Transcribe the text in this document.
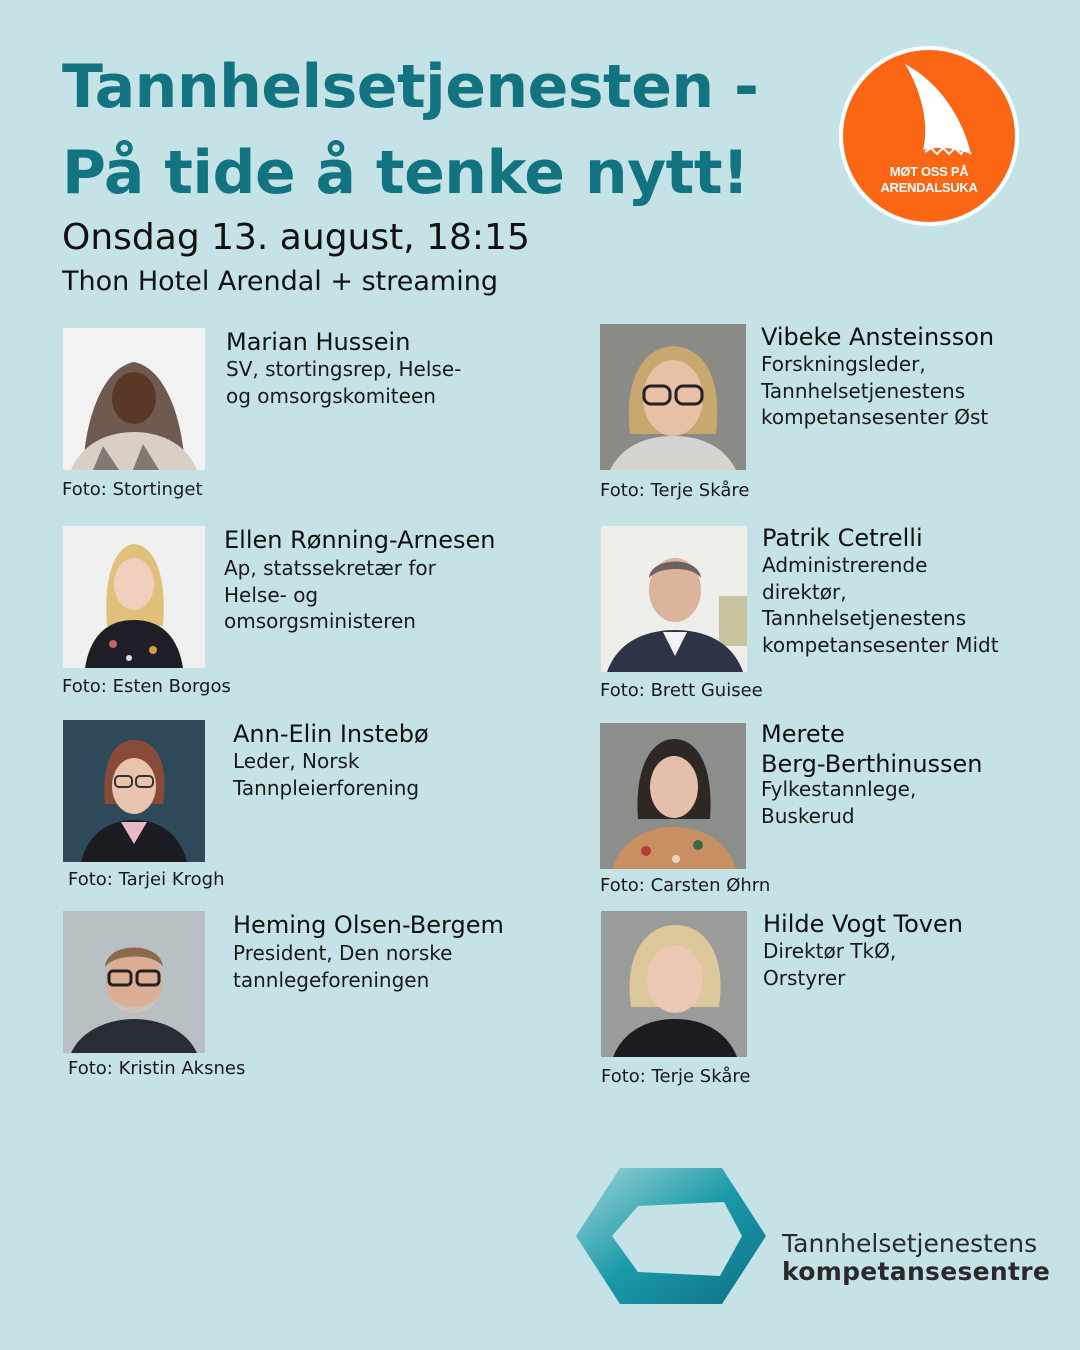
Tannhelsetjenesten -
På tide å tenke nytt!
Onsdag 13. august, 18:15
Thon Hotel Arendal + streaming
MØT OSS PÅ
ARENDALSUKA
Marian Hussein
SV, stortingsrep, Helse-
og omsorgskomiteen
Foto: Stortinget
Vibeke Ansteinsson
Forskningsleder,
Tannhelsetjenestens
kompetansesenter Øst
Foto: Terje Skåre
Ellen Rønning-Arnesen
Ap, statssekretær for
Helse- og
omsorgsministeren
Foto: Esten Borgos
Patrik Cetrelli
Administrerende
direktør,
Tannhelsetjenestens
kompetansesenter Midt
Foto: Brett Guisee
Ann-Elin Instebø
Leder, Norsk
Tannpleierforening
Foto: Tarjei Krogh
Merete
Berg-Berthinussen
Fylkestannlege,
Buskerud
Foto: Carsten Øhrn
Heming Olsen-Bergem
President, Den norske
tannlegeforeningen
Foto: Kristin Aksnes
Hilde Vogt Toven
Direktør TkØ,
Orstyrer
Foto: Terje Skåre
Tannhelsetjenestens
kompetansesentre
